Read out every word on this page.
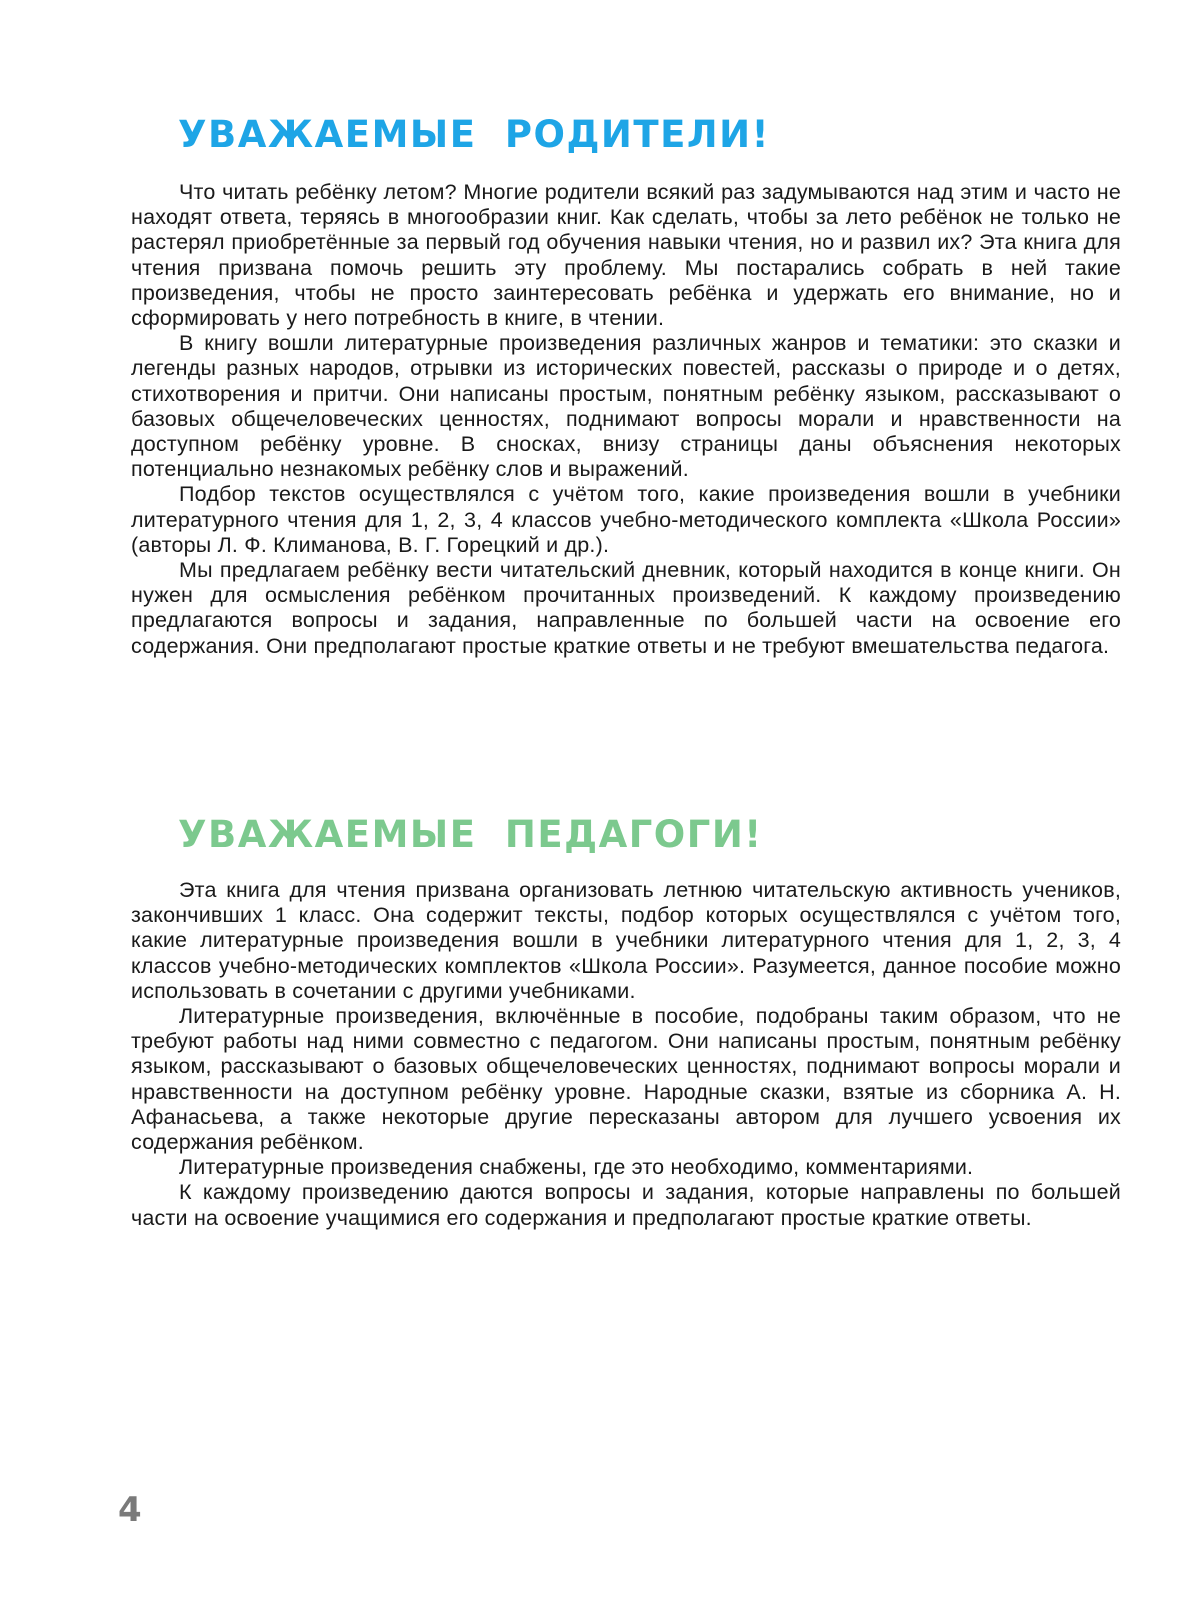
УВАЖАЕМЫЕ РОДИТЕЛИ!

Что читать ребёнку летом? Многие родители всякий раз задумываются над этим и часто не находят ответа, теряясь в многообразии книг. Как сделать, чтобы за лето ребёнок не только не растерял приобретённые за первый год обучения навыки чтения, но и развил их? Эта книга для чтения призвана помочь решить эту проблему. Мы постарались собрать в ней такие произведения, чтобы не просто заинтересовать ребёнка и удержать его внимание, но и сформировать у него потребность в книге, в чтении.

В книгу вошли литературные произведения различных жанров и тематики: это сказки и легенды разных народов, отрывки из исторических повестей, рассказы о природе и о детях, стихотворения и притчи. Они написаны простым, понятным ребёнку языком, рассказывают о базовых общечеловеческих ценностях, поднимают вопросы морали и нравственности на доступном ребёнку уровне. В сносках, внизу страницы даны объяснения некоторых потенциально незнакомых ребёнку слов и выражений.

Подбор текстов осуществлялся с учётом того, какие произведения вошли в учебники литературного чтения для 1, 2, 3, 4 классов учебно-методического комплекта «Школа России» (авторы Л. Ф. Климанова, В. Г. Горецкий и др.).

Мы предлагаем ребёнку вести читательский дневник, который находится в конце книги. Он нужен для осмысления ребёнком прочитанных произведений. К каждому произведению предлагаются вопросы и задания, направленные по большей части на освоение его содержания. Они предполагают простые краткие ответы и не требуют вмешательства педагога.

УВАЖАЕМЫЕ ПЕДАГОГИ!

Эта книга для чтения призвана организовать летнюю читательскую активность учеников, закончивших 1 класс. Она содержит тексты, подбор которых осуществлялся с учётом того, какие литературные произведения вошли в учебники литературного чтения для 1, 2, 3, 4 классов учебно-методических комплектов «Школа России». Разумеется, данное пособие можно использовать в сочетании с другими учебниками.

Литературные произведения, включённые в пособие, подобраны таким образом, что не требуют работы над ними совместно с педагогом. Они написаны простым, понятным ребёнку языком, рассказывают о базовых общечеловеческих ценностях, поднимают вопросы морали и нравственности на доступном ребёнку уровне. Народные сказки, взятые из сборника А. Н. Афанасьева, а также некоторые другие пересказаны автором для лучшего усвоения их содержания ребёнком.

Литературные произведения снабжены, где это необходимо, комментариями.

К каждому произведению даются вопросы и задания, которые направлены по большей части на освоение учащимися его содержания и предполагают простые краткие ответы.

4
